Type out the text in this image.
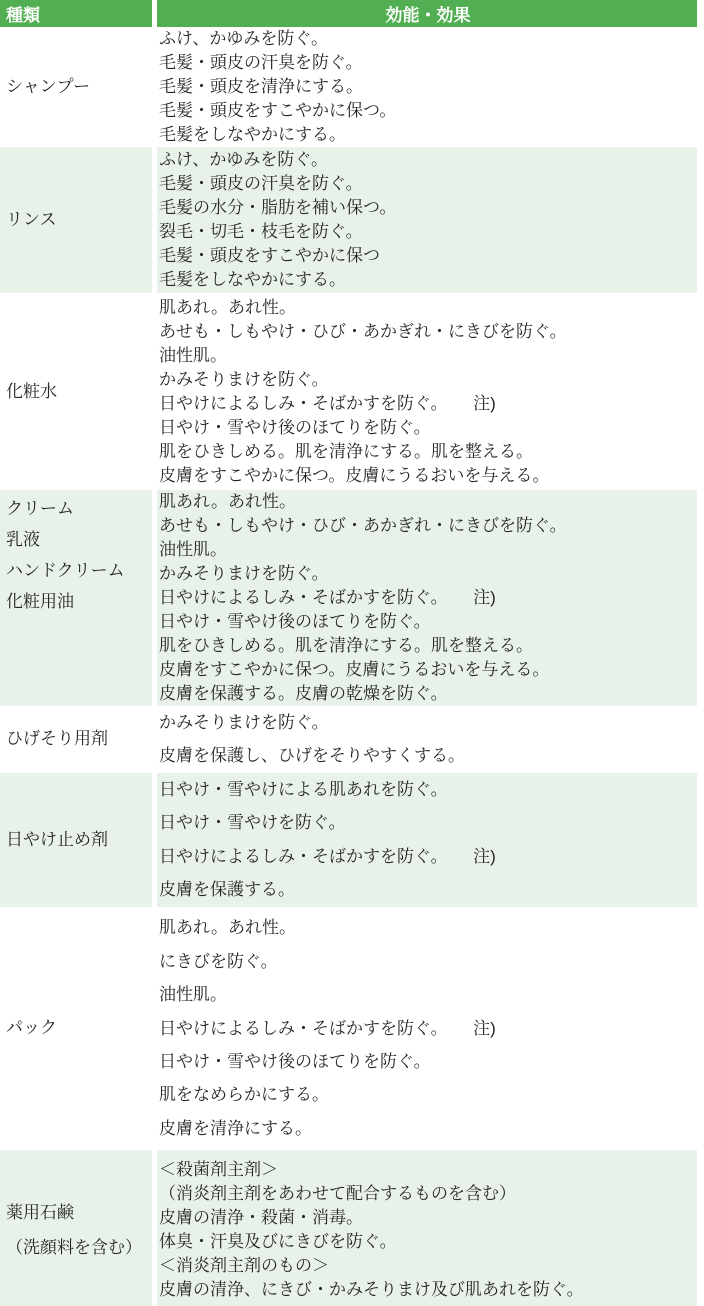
種類	効能・効果
シャンプー
ふけ、かゆみを防ぐ。
毛髪・頭皮の汗臭を防ぐ。
毛髪・頭皮を清浄にする。
毛髪・頭皮をすこやかに保つ。
毛髪をしなやかにする。
リンス
ふけ、かゆみを防ぐ。
毛髪・頭皮の汗臭を防ぐ。
毛髪の水分・脂肪を補い保つ。
裂毛・切毛・枝毛を防ぐ。
毛髪・頭皮をすこやかに保つ
毛髪をしなやかにする。
化粧水
肌あれ。あれ性。
あせも・しもやけ・ひび・あかぎれ・にきびを防ぐ。
油性肌。
かみそりまけを防ぐ。
日やけによるしみ・そばかすを防ぐ。　　注)
日やけ・雪やけ後のほてりを防ぐ。
肌をひきしめる。肌を清浄にする。肌を整える。
皮膚をすこやかに保つ。皮膚にうるおいを与える。
クリーム
乳液
ハンドクリーム
化粧用油
肌あれ。あれ性。
あせも・しもやけ・ひび・あかぎれ・にきびを防ぐ。
油性肌。
かみそりまけを防ぐ。
日やけによるしみ・そばかすを防ぐ。　　注)
日やけ・雪やけ後のほてりを防ぐ。
肌をひきしめる。肌を清浄にする。肌を整える。
皮膚をすこやかに保つ。皮膚にうるおいを与える。
皮膚を保護する。皮膚の乾燥を防ぐ。
ひげそり用剤
かみそりまけを防ぐ。
皮膚を保護し、ひげをそりやすくする。
日やけ止め剤
日やけ・雪やけによる肌あれを防ぐ。
日やけ・雪やけを防ぐ。
日やけによるしみ・そばかすを防ぐ。　　注)
皮膚を保護する。
パック
肌あれ。あれ性。
にきびを防ぐ。
油性肌。
日やけによるしみ・そばかすを防ぐ。　　注)
日やけ・雪やけ後のほてりを防ぐ。
肌をなめらかにする。
皮膚を清浄にする。
薬用石鹸
（洗顔料を含む）
＜殺菌剤主剤＞
（消炎剤主剤をあわせて配合するものを含む）
皮膚の清浄・殺菌・消毒。
体臭・汗臭及びにきびを防ぐ。
＜消炎剤主剤のもの＞
皮膚の清浄、にきび・かみそりまけ及び肌あれを防ぐ。
